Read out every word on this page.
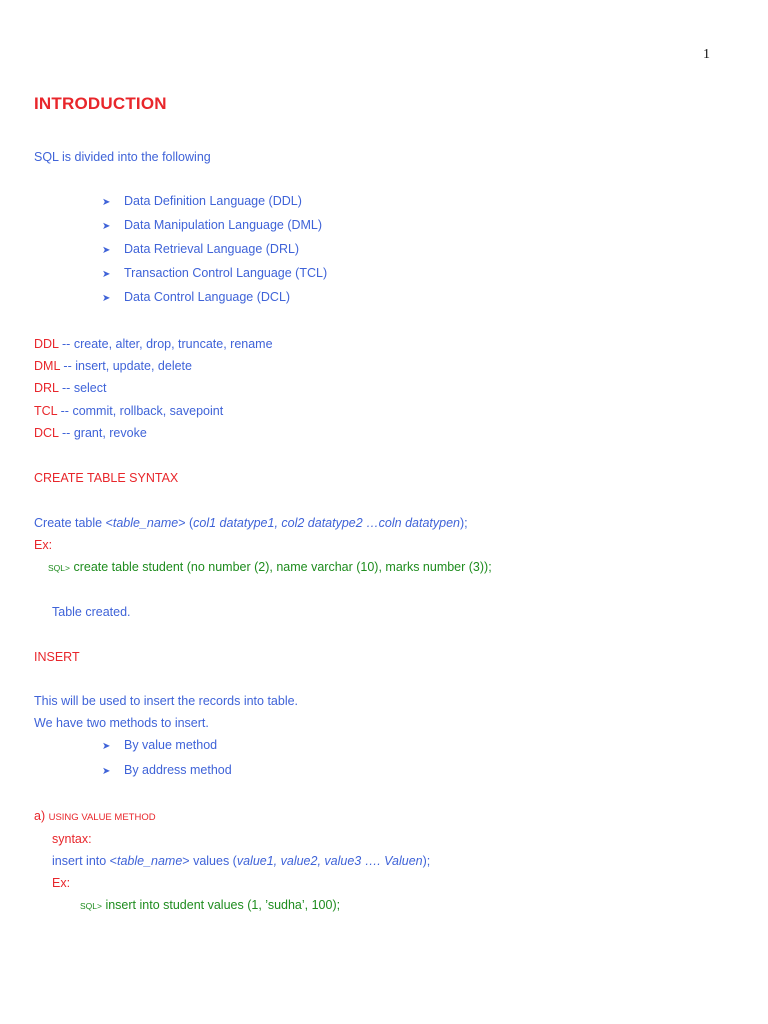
1
INTRODUCTION
SQL is divided into the following
➤ Data Definition Language (DDL)
➤ Data Manipulation Language (DML)
➤ Data Retrieval Language (DRL)
➤ Transaction Control Language (TCL)
➤ Data Control Language (DCL)
DDL -- create, alter, drop, truncate, rename
DML -- insert, update, delete
DRL -- select
TCL -- commit, rollback, savepoint
DCL -- grant, revoke
CREATE TABLE SYNTAX
Create table <table_name> (col1 datatype1, col2 datatype2 …coln datatypen);
Ex:
SQL> create table student (no number (2), name varchar (10), marks number (3));
Table created.
INSERT
This will be used to insert the records into table.
We have two methods to insert.
➤ By value method
➤ By address method
a) USING VALUE METHOD
syntax:
insert into <table_name> values (value1, value2, value3 …. Valuen);
Ex:
SQL> insert into student values (1, ’sudha’, 100);
